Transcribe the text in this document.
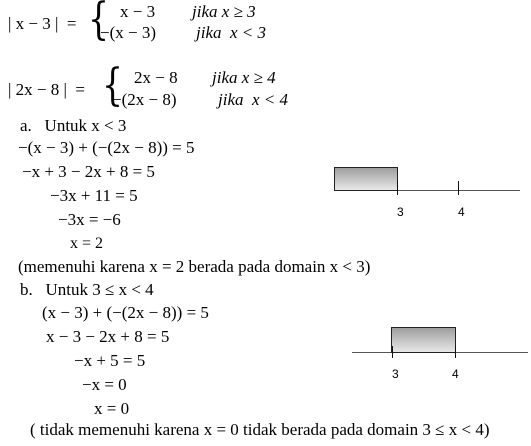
| x − 3 |  = { x − 3 jika x ≥ 3
−(x − 3) jika  x < 3
| 2x − 8 |  = { 2x − 8 jika x ≥ 4
−(2x − 8) jika  x < 4
a.   Untuk x < 3
−(x − 3) + (−(2x − 8)) = 5
−x + 3 − 2x + 8 = 5
−3x + 11 = 5
−3x = −6
x = 2
(memenuhi karena x = 2 berada pada domain x < 3)
3	4
b.   Untuk 3 ≤ x < 4
(x − 3) + (−(2x − 8)) = 5
x − 3 − 2x + 8 = 5
−x + 5 = 5
−x = 0
x = 0
( tidak memenuhi karena x = 0 tidak berada pada domain 3 ≤ x < 4)
3	4
